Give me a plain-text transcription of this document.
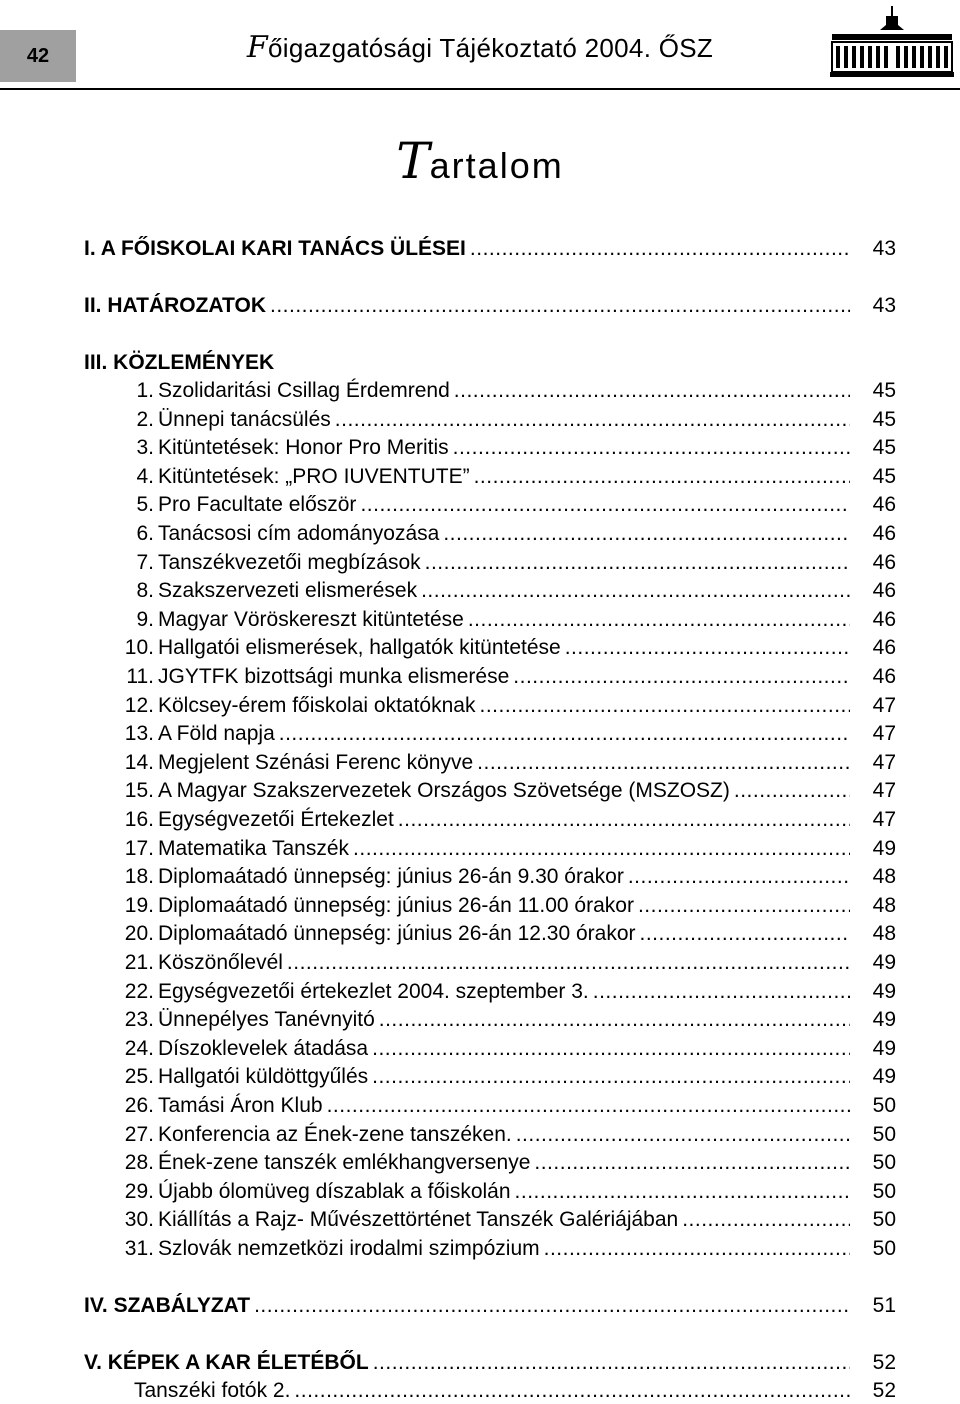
42	Főigazgatósági Tájékoztató 2004. ŐSZ
Tartalom
I. A FŐISKOLAI KARI TANÁCS ÜLÉSEI .....	43
II. HATÁROZATOK .....	43
III. KÖZLEMÉNYEK
1. Szolidaritási Csillag Érdemrend .....	45
2. Ünnepi tanácsülés .....	45
3. Kitüntetések: Honor Pro Meritis .....	45
4. Kitüntetések: „PRO IUVENTUTE” .....	45
5. Pro Facultate először .....	46
6. Tanácsosi cím adományozása .....	46
7. Tanszékvezetői megbízások .....	46
8. Szakszervezeti elismerések .....	46
9. Magyar Vöröskereszt kitüntetése .....	46
10. Hallgatói elismerések, hallgatók kitüntetése .....	46
11. JGYTFK bizottsági munka elismerése .....	46
12. Kölcsey-érem főiskolai oktatóknak .....	47
13. A Föld napja .....	47
14. Megjelent Szénási Ferenc könyve .....	47
15. A Magyar Szakszervezetek Országos Szövetsége (MSZOSZ) .....	47
16. Egységvezetői Értekezlet .....	47
17. Matematika Tanszék .....	49
18. Diplomaátadó ünnepség: június 26-án 9.30 órakor .....	48
19. Diplomaátadó ünnepség: június 26-án 11.00 órakor .....	48
20. Diplomaátadó ünnepség: június 26-án 12.30 órakor .....	48
21. Köszönőlevél .....	49
22. Egységvezetői értekezlet 2004. szeptember 3. .....	49
23. Ünnepélyes Tanévnyitó .....	49
24. Díszoklevelek átadása .....	49
25. Hallgatói küldöttgyűlés .....	49
26. Tamási Áron Klub .....	50
27. Konferencia az Ének-zene tanszéken. .....	50
28. Ének-zene tanszék emlékhangversenye .....	50
29. Újabb ólomüveg díszablak a főiskolán .....	50
30. Kiállítás a Rajz- Művészettörténet Tanszék Galériájában .....	50
31. Szlovák nemzetközi irodalmi szimpózium .....	50
IV. SZABÁLYZAT .....	51
V. KÉPEK A KAR ÉLETÉBŐL .....	52
Tanszéki fotók 2. .....	52
